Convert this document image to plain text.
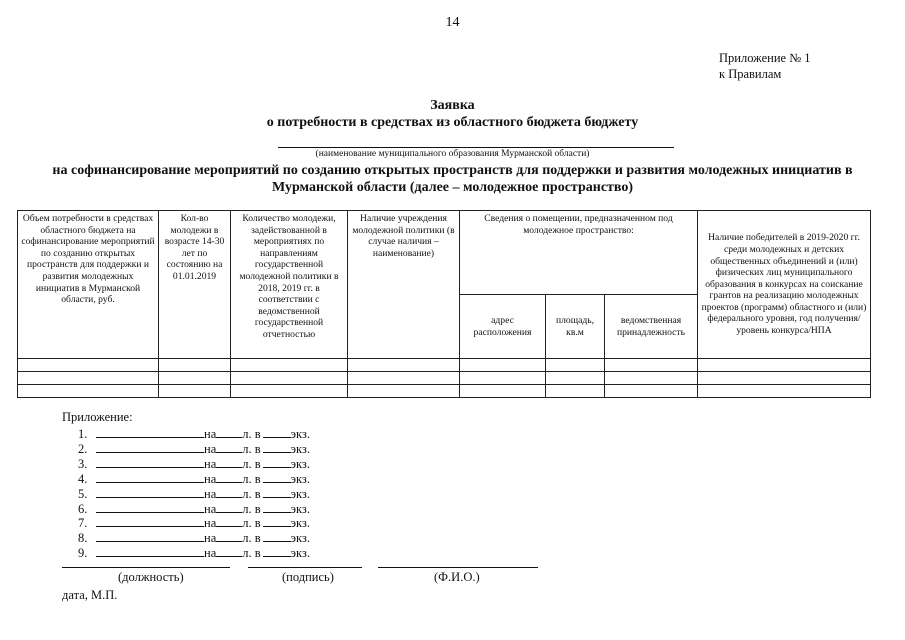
14
Приложение № 1
к Правилам
Заявка
о потребности в средствах из областного бюджета бюджету
(наименование муниципального образования Мурманской области)
на софинансирование мероприятий по созданию открытых пространств для поддержки и развития молодежных инициатив в Мурманской области (далее – молодежное пространство)
Объем потребности в средствах областного бюджета на софинансирование мероприятий по созданию открытых пространств для поддержки и развития молодежных инициатив в Мурманской области, руб.	Кол-во молодежи в возрасте 14-30 лет по состоянию на 01.01.2019	Количество молодежи, задействованной в мероприятиях по направлениям государственной молодежной политики в 2018, 2019 гг. в соответствии с ведомственной государственной отчетностью	Наличие учреждения молодежной политики (в случае наличия – наименование)	Сведения о помещении, предназначенном под молодежное пространство:			Наличие победителей в 2019-2020 гг. среди молодежных и детских общественных объединений и (или) физических лиц муниципального образования в конкурсах на соискание грантов на реализацию молодежных проектов (программ) областного и (или) федерального уровня, год получения/уровень конкурса/НПА
				адрес расположения	площадь, кв.м	ведомственная принадлежность	

Приложение:
1.	на л. в экз.
2.	на л. в экз.
3.	на л. в экз.
4.	на л. в экз.
5.	на л. в экз.
6.	на л. в экз.
7.	на л. в экз.
8.	на л. в экз.
9.	на л. в экз.
(должность)	(подпись)	(Ф.И.О.)
дата, М.П.
